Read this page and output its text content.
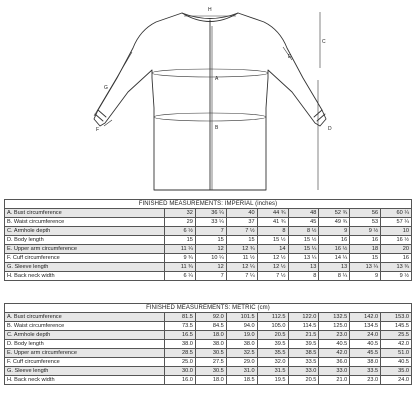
H
A
B
C
D
E
F
G
FINISHED MEASUREMENTS: IMPERIAL (inches)								
A. Bust circumference	32	36 ¼	40	44 ¾	48	52 ¾	56	60 ¼
B. Waist circumference	29	33 ¼	37	41 ¾	45	49 ¾	53	57 ¼
C. Armhole depth	6 ½	7	7 ½	8	8 ½	9	9 ½	10
D. Body length	15	15	15	15 ½	15 ½	16	16	16 ½
E. Upper arm circumference	11 ¼	12	12 ¾	14	15 ¼	16 ½	18	20
F. Cuff circumference	9 ¾	10 ¼	11 ½	12 ½	13 ¼	14 ¼	15	16
G. Sleeve length	11 ¾	12	12 ¼	12 ½	13	13	13 ¼	13 ¾
H. Back neck width	6 ¼	7	7 ¼	7 ½	8	8 ¼	9	9 ½
FINISHED MEASUREMENTS: METRIC (cm)								
A. Bust circumference	81.5	92.0	101.5	112.5	122.0	132.5	142.0	153.0
B. Waist circumference	73.5	84.5	94.0	105.0	114.5	125.0	134.5	145.5
C. Armhole depth	16.5	18.0	19.0	20.5	21.5	23.0	24.0	25.5
D. Body length	38.0	38.0	38.0	39.5	39.5	40.5	40.5	42.0
E. Upper arm circumference	28.5	30.5	32.5	35.5	38.5	42.0	45.5	51.0
F. Cuff circumference	25.0	27.5	29.0	32.0	33.5	36.0	38.0	40.5
G. Sleeve length	30.0	30.5	31.0	31.5	33.0	33.0	33.5	35.0
H. Back neck width	16.0	18.0	18.5	19.5	20.5	21.0	23.0	24.0
